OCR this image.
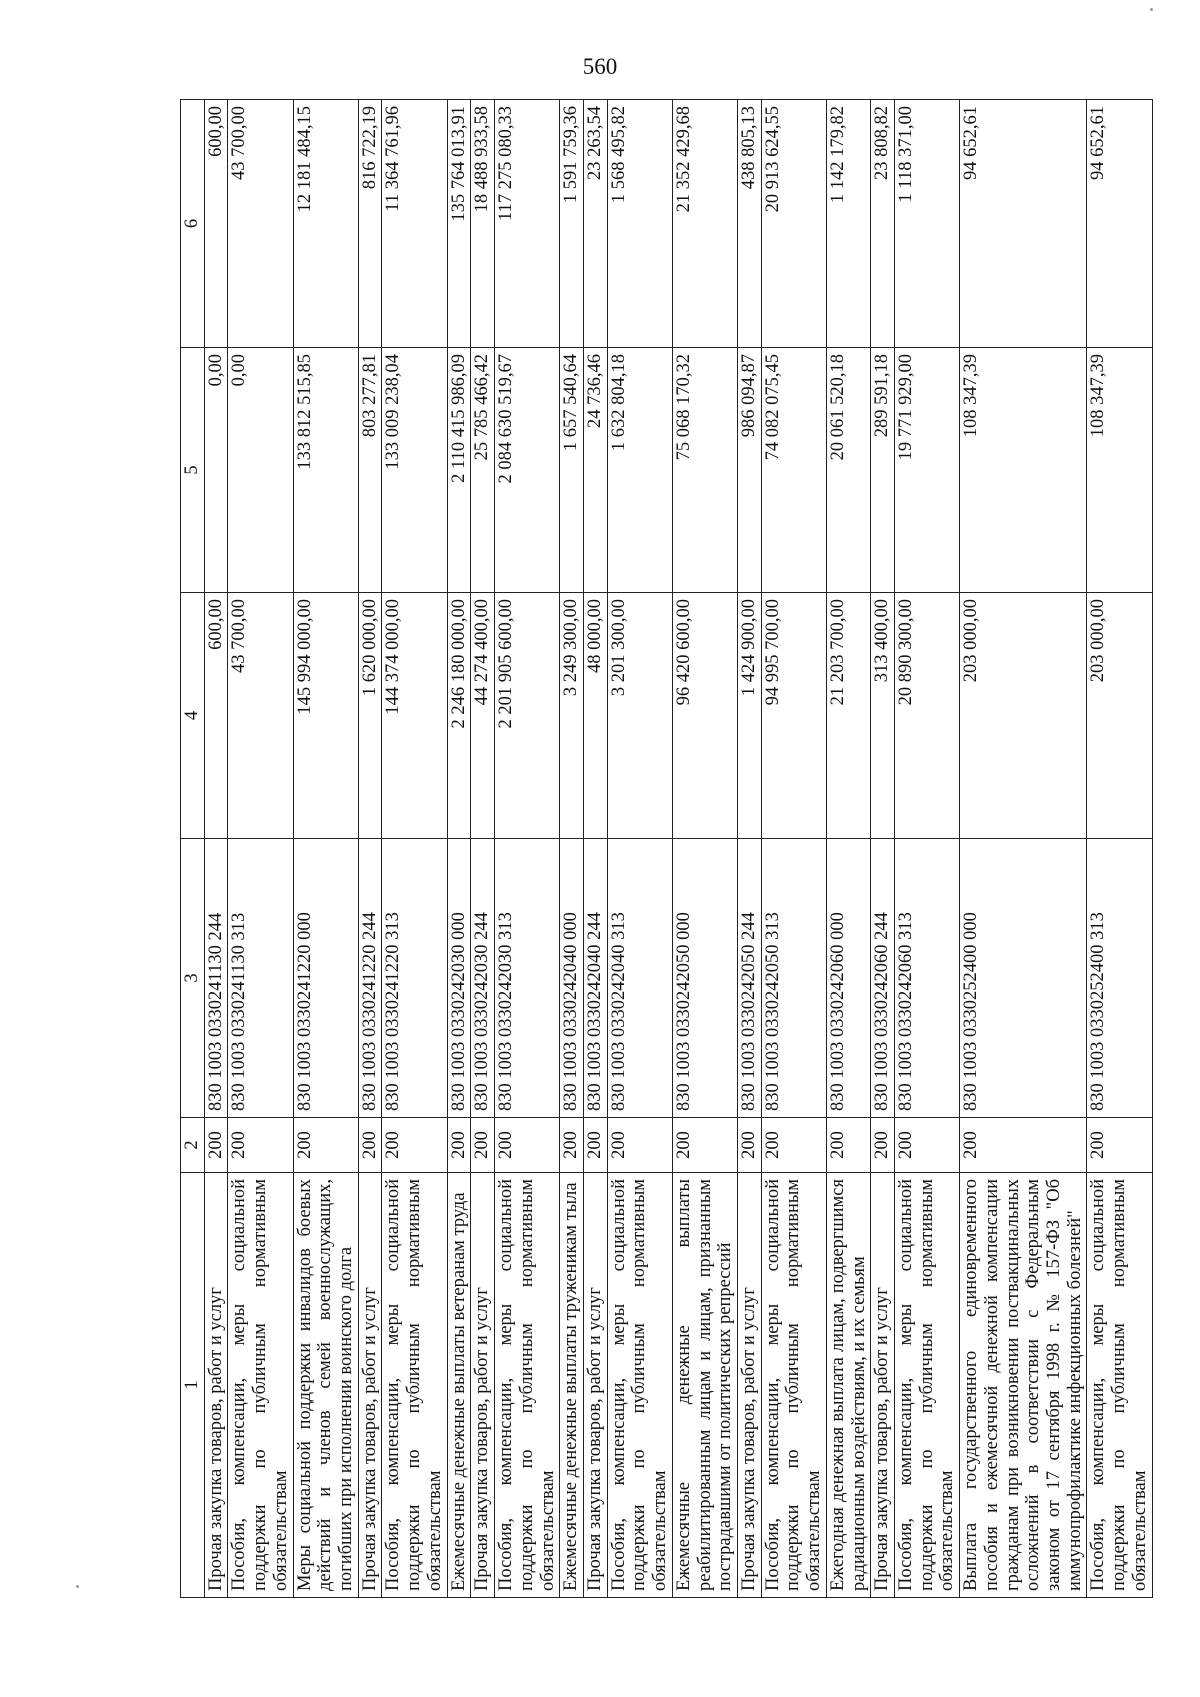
560
1	2	3	4	5	6
Прочая закупка товаров, работ и услуг	200	830 1003 0330241130 244	600,00	0,00	600,00
Пособия, компенсации, меры социальной поддержки по публичным нормативным обязательствам	200	830 1003 0330241130 313	43 700,00	0,00	43 700,00
Меры социальной поддержки инвалидов боевых действий и членов семей военнослужащих, погибших при исполнении воинского долга	200	830 1003 0330241220 000	145 994 000,00	133 812 515,85	12 181 484,15
Прочая закупка товаров, работ и услуг	200	830 1003 0330241220 244	1 620 000,00	803 277,81	816 722,19
Пособия, компенсации, меры социальной поддержки по публичным нормативным обязательствам	200	830 1003 0330241220 313	144 374 000,00	133 009 238,04	11 364 761,96
Ежемесячные денежные выплаты ветеранам труда	200	830 1003 0330242030 000	2 246 180 000,00	2 110 415 986,09	135 764 013,91
Прочая закупка товаров, работ и услуг	200	830 1003 0330242030 244	44 274 400,00	25 785 466,42	18 488 933,58
Пособия, компенсации, меры социальной поддержки по публичным нормативным обязательствам	200	830 1003 0330242030 313	2 201 905 600,00	2 084 630 519,67	117 275 080,33
Ежемесячные денежные выплаты труженикам тыла	200	830 1003 0330242040 000	3 249 300,00	1 657 540,64	1 591 759,36
Прочая закупка товаров, работ и услуг	200	830 1003 0330242040 244	48 000,00	24 736,46	23 263,54
Пособия, компенсации, меры социальной поддержки по публичным нормативным обязательствам	200	830 1003 0330242040 313	3 201 300,00	1 632 804,18	1 568 495,82
Ежемесячные денежные выплаты реабилитированным лицам и лицам, признанным пострадавшими от политических репрессий	200	830 1003 0330242050 000	96 420 600,00	75 068 170,32	21 352 429,68
Прочая закупка товаров, работ и услуг	200	830 1003 0330242050 244	1 424 900,00	986 094,87	438 805,13
Пособия, компенсации, меры социальной поддержки по публичным нормативным обязательствам	200	830 1003 0330242050 313	94 995 700,00	74 082 075,45	20 913 624,55
Ежегодная денежная выплата лицам, подвергшимся радиационным воздействиям, и их семьям	200	830 1003 0330242060 000	21 203 700,00	20 061 520,18	1 142 179,82
Прочая закупка товаров, работ и услуг	200	830 1003 0330242060 244	313 400,00	289 591,18	23 808,82
Пособия, компенсации, меры социальной поддержки по публичным нормативным обязательствам	200	830 1003 0330242060 313	20 890 300,00	19 771 929,00	1 118 371,00
Выплата государственного единовременного пособия и ежемесячной денежной компенсации гражданам при возникновении поствакцинальных осложнений в соответствии с Федеральным законом от 17 сентября 1998 г. № 157-ФЗ "Об иммунопрофилактике инфекционных болезней"	200	830 1003 0330252400 000	203 000,00	108 347,39	94 652,61
Пособия, компенсации, меры социальной поддержки по публичным нормативным обязательствам	200	830 1003 0330252400 313	203 000,00	108 347,39	94 652,61
